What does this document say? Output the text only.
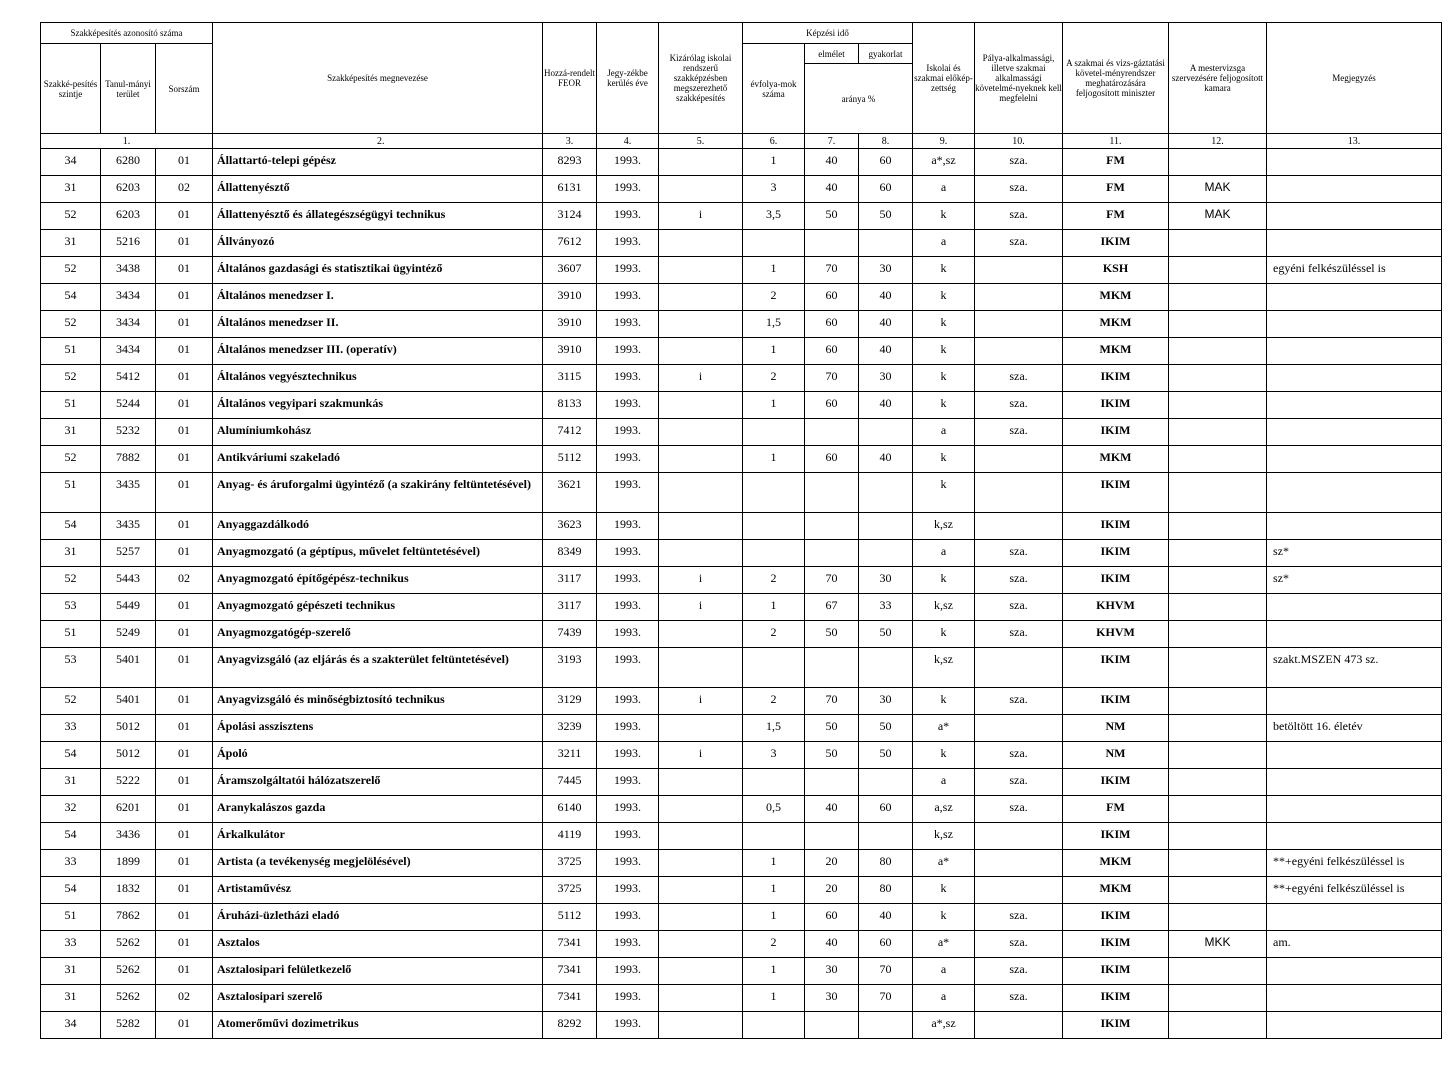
Szakképesítés azonosító száma			Szakképesítés megnevezése	Hozzá-rendelt FEOR	Jegy-zékbe kerülés éve	Kizárólag iskolai rendszerű szakképzésben megszerezhető szakképesítés	Képzési idő			Iskolai és szakmai előkép-zettség	Pálya-alkalmassági, illetve szakmai alkalmassági követelmé-nyeknek kell megfelelni	A szakmai és vizs-gáztatási követel-ményrendszer meghatározására feljogosított miniszter	A mestervizsga szervezésére feljogosított kamara	Megjegyzés
Szakké-pesítés szintje	Tanul-mányi terület	Sorszám					évfolya-mok száma	elmélet	gyakorlat					
								aránya %						
1.			2.	3.	4.	5.	6.	7.	8.	9.	10.	11.	12.	13.
34	6280	01	Állattartó-telepi gépész	8293	1993.		1	40	60	a*,sz	sza.	FM		
31	6203	02	Állattenyésztő	6131	1993.		3	40	60	a	sza.	FM	MAK	
52	6203	01	Állattenyésztő és állategészségügyi technikus	3124	1993.	i	3,5	50	50	k	sza.	FM	MAK	
31	5216	01	Állványozó	7612	1993.					a	sza.	IKIM		
52	3438	01	Általános gazdasági és statisztikai ügyintéző	3607	1993.		1	70	30	k		KSH		egyéni felkészüléssel is
54	3434	01	Általános menedzser I.	3910	1993.		2	60	40	k		MKM		
52	3434	01	Általános menedzser II.	3910	1993.		1,5	60	40	k		MKM		
51	3434	01	Általános menedzser III. (operatív)	3910	1993.		1	60	40	k		MKM		
52	5412	01	Általános vegyésztechnikus	3115	1993.	i	2	70	30	k	sza.	IKIM		
51	5244	01	Általános vegyipari szakmunkás	8133	1993.		1	60	40	k	sza.	IKIM		
31	5232	01	Alumíniumkohász	7412	1993.					a	sza.	IKIM		
52	7882	01	Antikváriumi szakeladó	5112	1993.		1	60	40	k		MKM		
51	3435	01	Anyag- és áruforgalmi ügyintéző (a szakirány feltüntetésével)	3621	1993.					k		IKIM		
54	3435	01	Anyaggazdálkodó	3623	1993.					k,sz		IKIM		
31	5257	01	Anyagmozgató (a géptípus, művelet feltüntetésével)	8349	1993.					a	sza.	IKIM		sz*
52	5443	02	Anyagmozgató építőgépész-technikus	3117	1993.	i	2	70	30	k	sza.	IKIM		sz*
53	5449	01	Anyagmozgató gépészeti technikus	3117	1993.	i	1	67	33	k,sz	sza.	KHVM		
51	5249	01	Anyagmozgatógép-szerelő	7439	1993.		2	50	50	k	sza.	KHVM		
53	5401	01	Anyagvizsgáló (az eljárás és a szakterület feltüntetésével)	3193	1993.					k,sz		IKIM		szakt.MSZEN 473 sz.
52	5401	01	Anyagvizsgáló és minőségbiztosító technikus	3129	1993.	i	2	70	30	k	sza.	IKIM		
33	5012	01	Ápolási asszisztens	3239	1993.		1,5	50	50	a*		NM		betöltött 16. életév
54	5012	01	Ápoló	3211	1993.	i	3	50	50	k	sza.	NM		
31	5222	01	Áramszolgáltatói hálózatszerelő	7445	1993.					a	sza.	IKIM		
32	6201	01	Aranykalászos gazda	6140	1993.		0,5	40	60	a,sz	sza.	FM		
54	3436	01	Árkalkulátor	4119	1993.					k,sz		IKIM		
33	1899	01	Artista (a tevékenység megjelölésével)	3725	1993.		1	20	80	a*		MKM		**+egyéni felkészüléssel is
54	1832	01	Artistaművész	3725	1993.		1	20	80	k		MKM		**+egyéni felkészüléssel is
51	7862	01	Áruházi-üzletházi eladó	5112	1993.		1	60	40	k	sza.	IKIM		
33	5262	01	Asztalos	7341	1993.		2	40	60	a*	sza.	IKIM	MKK	am.
31	5262	01	Asztalosipari felületkezelő	7341	1993.		1	30	70	a	sza.	IKIM		
31	5262	02	Asztalosipari szerelő	7341	1993.		1	30	70	a	sza.	IKIM		
34	5282	01	Atomerőművi dozimetrikus	8292	1993.					a*,sz		IKIM		
